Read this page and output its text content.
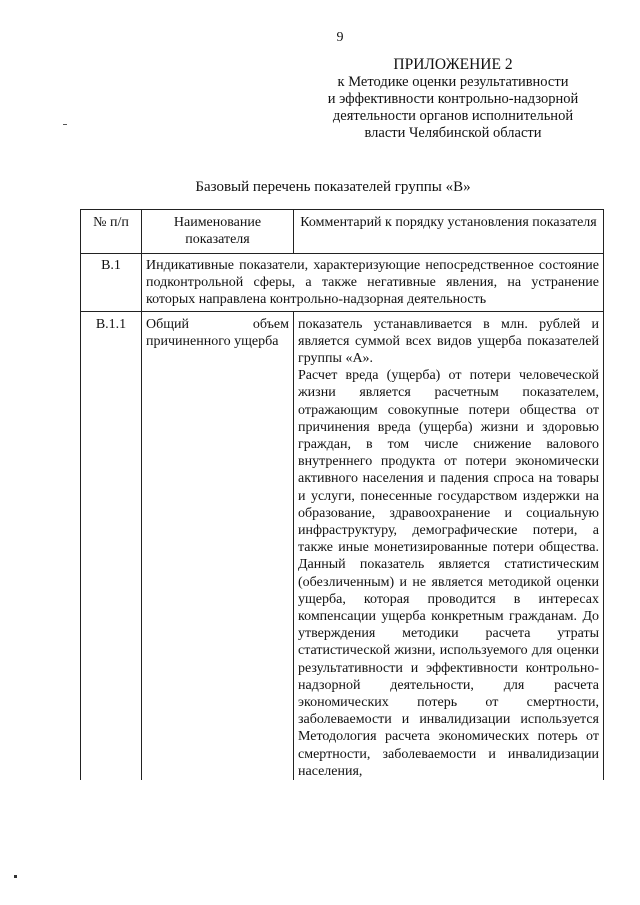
9
ПРИЛОЖЕНИЕ 2
к Методике оценки результативности
и эффективности контрольно-надзорной
деятельности органов исполнительной
власти Челябинской области
Базовый перечень показателей группы «В»
№ п/п	Наименование показателя	Комментарий к порядку установления показателя
В.1	Индикативные показатели, характеризующие непосредственное состояние подконтрольной сферы, а также негативные явления, на устранение которых направлена контрольно-надзорная деятельность	
В.1.1	Общий объем причиненного ущерба	показатель устанавливается в млн. рублей и является суммой всех видов ущерба показателей группы «А».
Расчет вреда (ущерба) от потери человеческой жизни является расчетным показателем, отражающим совокупные потери общества от причинения вреда (ущерба) жизни и здоровью граждан, в том числе снижение валового внутреннего продукта от потери экономически активного населения и падения спроса на товары и услуги, понесенные государством издержки на образование, здравоохранение и социальную инфраструктуру, демографические потери, а также иные монетизированные потери общества. Данный показатель является статистическим (обезличенным) и не является методикой оценки ущерба, которая проводится в интересах компенсации ущерба конкретным гражданам. До утверждения методики расчета утраты статистической жизни, используемого для оценки результативности и эффективности контрольно-надзорной деятельности, для расчета экономических потерь от смертности, заболеваемости и инвалидизации используется Методология расчета экономических потерь от смертности, заболеваемости и инвалидизации населения,
